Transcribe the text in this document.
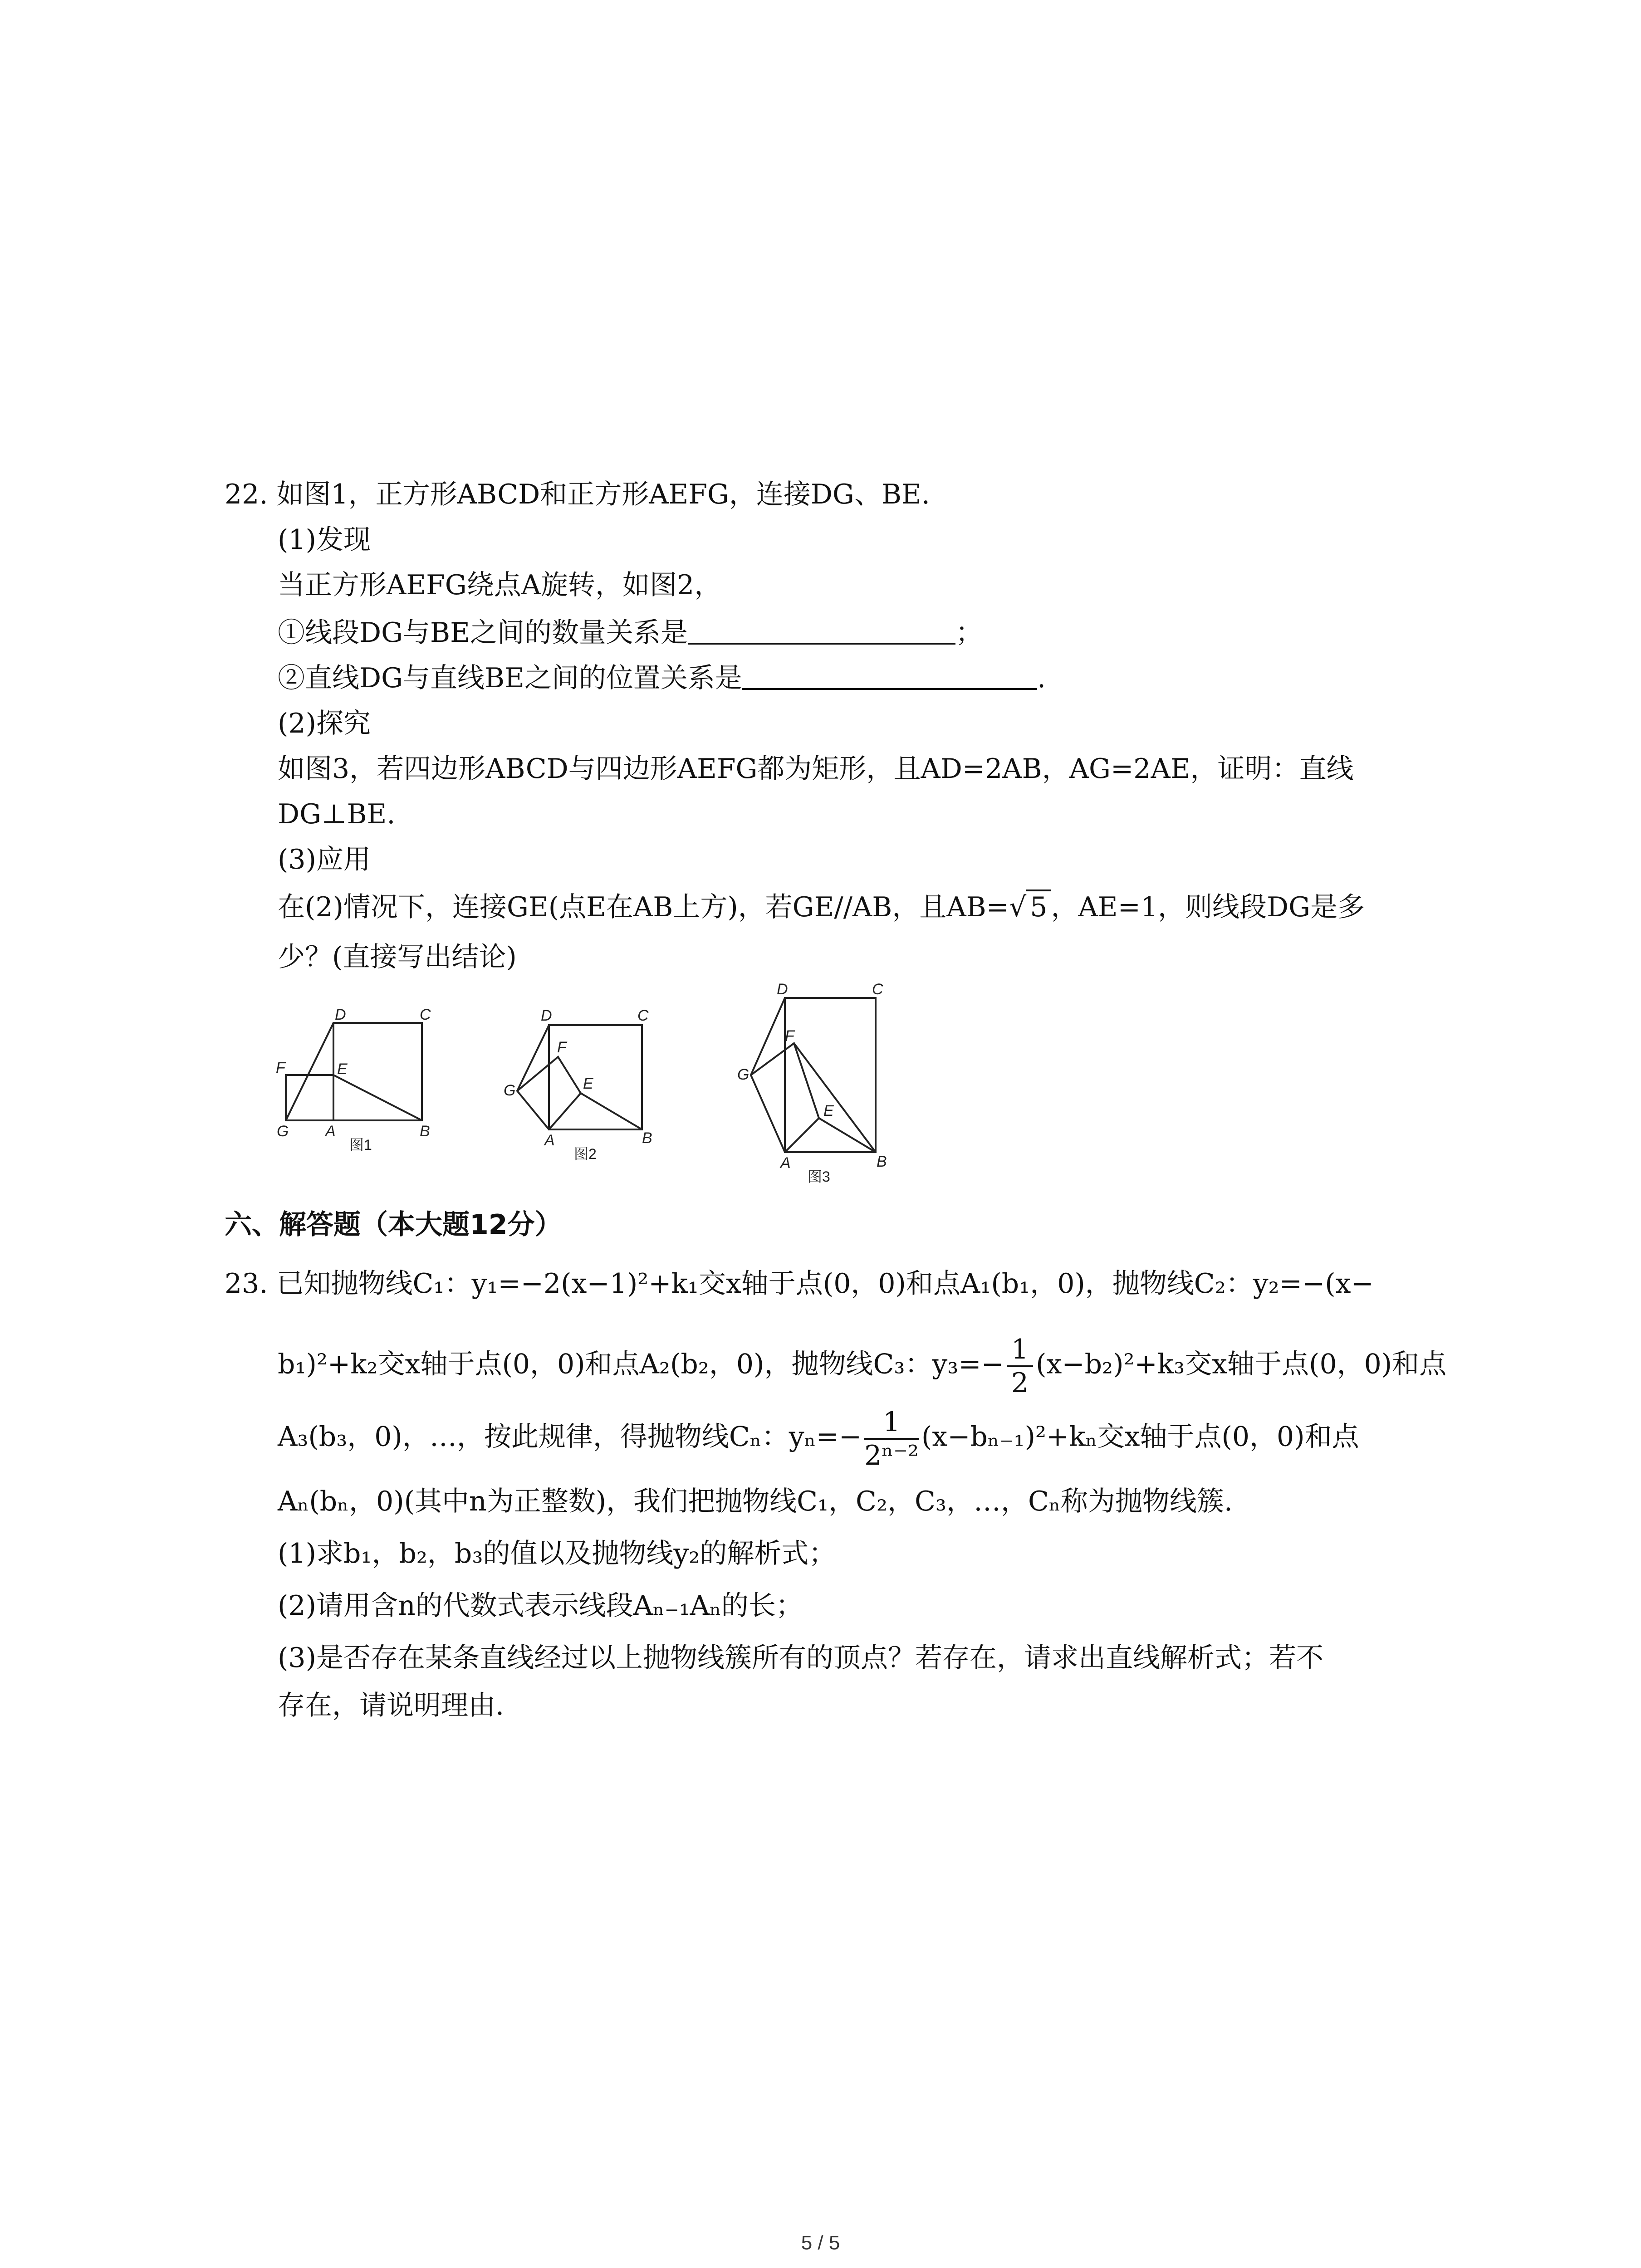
22. 如图1，正方形ABCD和正方形AEFG，连接DG、BE.
(1)发现
当正方形AEFG绕点A旋转，如图2，
①线段DG与BE之间的数量关系是	；
②直线DG与直线BE之间的位置关系是	.
(2)探究
如图3，若四边形ABCD与四边形AEFG都为矩形，且AD=2AB，AG=2AE，证明：直线
DG⊥BE.
(3)应用
在(2)情况下，连接GE(点E在AB上方)，若GE//AB，且AB=√ 5 ，AE=1，则线段DG是多
少？(直接写出结论)
D	C
F	E
G A	B
图1
D	C
F
E
G
A	B
图2
D	C
F
E
G
A	B
图3
六、解答题（本大题12分）
23. 已知抛物线C₁：y₁=−2(x−1)²+k₁交x轴于点(0，0)和点A₁(b₁，0)，抛物线C₂：y₂=−(x−
b₁)²+k₂交x轴于点(0，0)和点A₂(b₂，0)，抛物线C₃：$y_3=- \frac{1}{2} (x-b_2)^2+k_3$交x轴于点(0，0)和点
A₃(b₃，0)，…，按此规律，得抛物线Cₙ：$y_n=- \frac{1}{\text{2ⁿ⁻²}} (x-b_{n-1})^2+k_n$交x轴于点(0，0)和点
Aₙ(bₙ，0)(其中n为正整数)，我们把抛物线C₁，C₂，C₃，…，Cₙ称为抛物线簇.
(1)求b₁，b₂，b₃的值以及抛物线y₂的解析式；
(2)请用含n的代数式表示线段Aₙ₋₁Aₙ的长；
(3)是否存在某条直线经过以上抛物线簇所有的顶点？若存在，请求出直线解析式；若不
存在，请说明理由.
5 / 5
